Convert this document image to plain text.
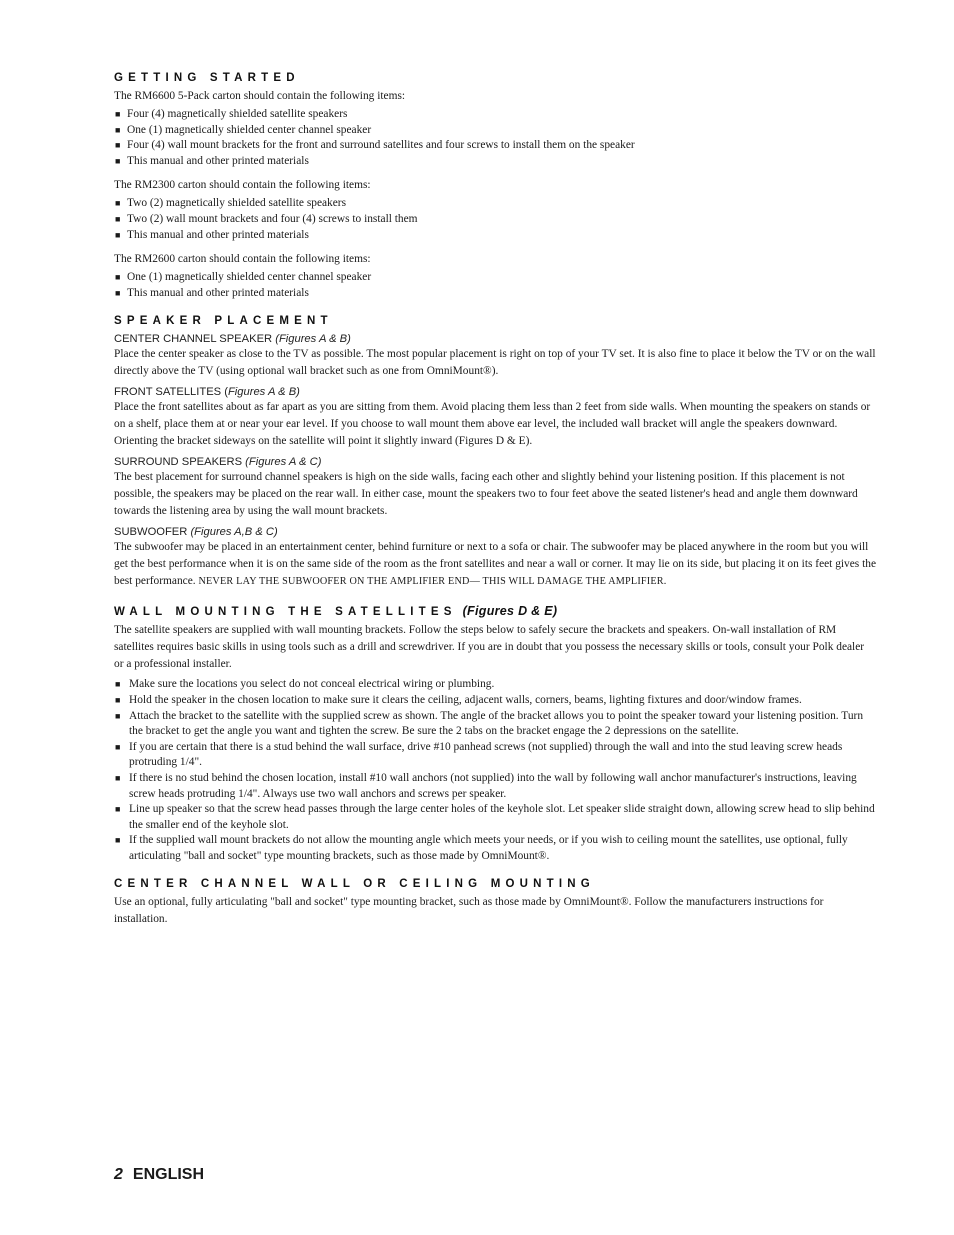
GETTING STARTED

The RM6600 5-Pack carton should contain the following items:

■ Four (4) magnetically shielded satellite speakers
■ One (1) magnetically shielded center channel speaker
■ Four (4) wall mount brackets for the front and surround satellites and four screws to install them on the speaker
■ This manual and other printed materials

The RM2300 carton should contain the following items:

■ Two (2) magnetically shielded satellite speakers
■ Two (2) wall mount brackets and four (4) screws to install them
■ This manual and other printed materials

The RM2600 carton should contain the following items:

■ One (1) magnetically shielded center channel speaker
■ This manual and other printed materials
SPEAKER PLACEMENT
CENTER CHANNEL SPEAKER (Figures A & B)

Place the center speaker as close to the TV as possible. The most popular placement is right on top of your TV set. It is also fine to place it below the TV or on the wall directly above the TV (using optional wall bracket such as one from OmniMount®).

FRONT SATELLITES (Figures A & B)

Place the front satellites about as far apart as you are sitting from them. Avoid placing them less than 2 feet from side walls. When mounting the speakers on stands or on a shelf, place them at or near your ear level. If you choose to wall mount them above ear level, the included wall bracket will angle the speakers downward. Orienting the bracket sideways on the satellite will point it slightly inward (Figures D & E).

SURROUND SPEAKERS (Figures A & C)

The best placement for surround channel speakers is high on the side walls, facing each other and slightly behind your listening position. If this placement is not possible, the speakers may be placed on the rear wall. In either case, mount the speakers two to four feet above the seated listener's head and angle them downward towards the listening area by using the wall mount brackets.

SUBWOOFER (Figures A,B & C)

The subwoofer may be placed in an entertainment center, behind furniture or next to a sofa or chair. The subwoofer may be placed anywhere in the room but you will get the best performance when it is on the same side of the room as the front satellites and near a wall or corner. It may lie on its side, but placing it on its feet gives the best performance. NEVER LAY THE SUBWOOFER ON THE AMPLIFIER END— THIS WILL DAMAGE THE AMPLIFIER.

WALL MOUNTING THE SATELLITES (Figures D & E)

The satellite speakers are supplied with wall mounting brackets. Follow the steps below to safely secure the brackets and speakers. On-wall installation of RM satellites requires basic skills in using tools such as a drill and screwdriver. If you are in doubt that you possess the necessary skills or tools, consult your Polk dealer or a professional installer.

■ Make sure the locations you select do not conceal electrical wiring or plumbing.
■ Hold the speaker in the chosen location to make sure it clears the ceiling, adjacent walls, corners, beams, lighting fixtures and door/window frames.
■ Attach the bracket to the satellite with the supplied screw as shown. The angle of the bracket allows you to point the speaker toward your listening position. Turn the bracket to get the angle you want and tighten the screw. Be sure the 2 tabs on the bracket engage the 2 depressions on the satellite.
■ If you are certain that there is a stud behind the wall surface, drive #10 panhead screws (not supplied) through the wall and into the stud leaving screw heads protruding 1/4".
■ If there is no stud behind the chosen location, install #10 wall anchors (not supplied) into the wall by following wall anchor manufacturer's instructions, leaving screw heads protruding 1/4". Always use two wall anchors and screws per speaker.
■ Line up speaker so that the screw head passes through the large center holes of the keyhole slot. Let speaker slide straight down, allowing screw head to slip behind the smaller end of the keyhole slot.
■ If the supplied wall mount brackets do not allow the mounting angle which meets your needs, or if you wish to ceiling mount the satellites, use optional, fully articulating "ball and socket" type mounting brackets, such as those made by OmniMount®.
CENTER CHANNEL WALL OR CEILING MOUNTING

Use an optional, fully articulating "ball and socket" type mounting bracket, such as those made by OmniMount®. Follow the manufacturers instructions for installation.

2 ENGLISH
